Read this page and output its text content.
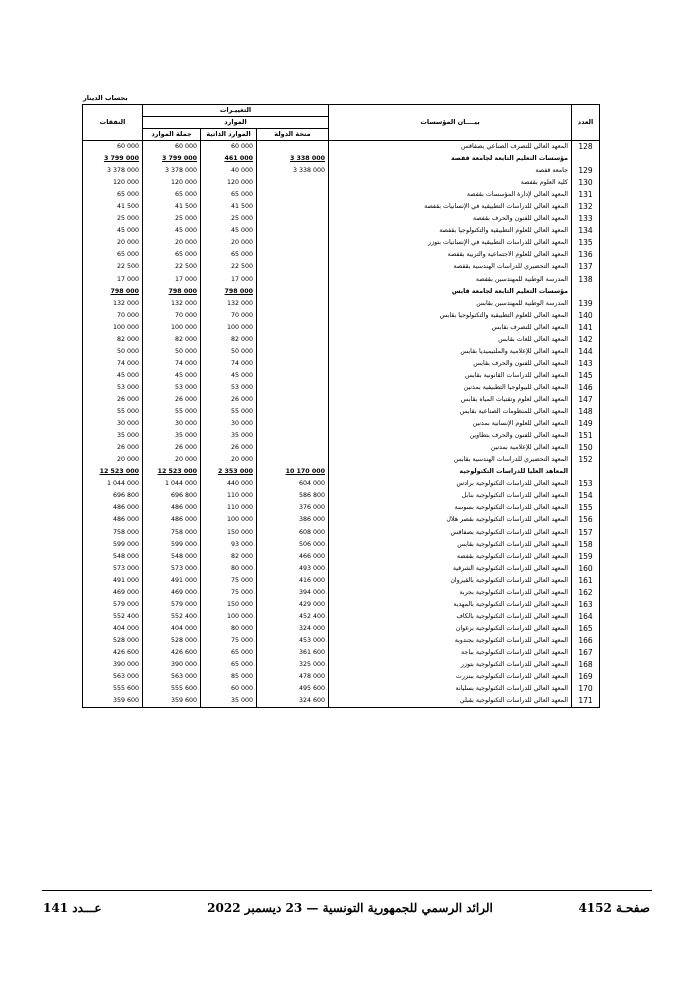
بحساب الدينار
النفقات	التغييـرات			بيــــان المؤسسات	العدد
	الموارد				
	جملة الموارد	الموارد الذاتية	منحة الدولة		
60 000	60 000	60 000		المعهد العالي للتصرف الصناعي بصفاقس	128
3 799 000	3 799 000	461 000	3 338 000	مؤسسات التعليم التابعة لجامعة قفصة	
3 378 000	3 378 000	40 000	3 338 000	جامعة قفصة	129
120 000	120 000	120 000		كلية العلوم بقفصة	130
65 000	65 000	65 000		المعهد العالي لإدارة المؤسسات بقفصة	131
41 500	41 500	41 500		المعهد العالي للدراسات التطبيقية في الإنسانيات بقفصة	132
25 000	25 000	25 000		المعهد العالي للفنون والحرف بقفصة	133
45 000	45 000	45 000		المعهد العالي للعلوم التطبيقية والتكنولوجيا بقفصة	134
20 000	20 000	20 000		المعهد العالي للدراسات التطبيقية في الإنسانيات بتوزر	135
65 000	65 000	65 000		المعهد العالي للعلوم الاجتماعية والتربية بقفصة	136
22 500	22 500	22 500		المعهد التحضيري للدراسات الهندسية بقفصة	137
17 000	17 000	17 000		المدرسة الوطنية للمهندسين بقفصة	138
798 000	798 000	798 000		مؤسسات التعليم التابعة لجامعة قابس	
132 000	132 000	132 000		المدرسة الوطنية للمهندسين بقابس	139
70 000	70 000	70 000		المعهد العالي للعلوم التطبيقية والتكنولوجيا بقابس	140
100 000	100 000	100 000		المعهد العالي للتصرف بقابس	141
82 000	82 000	82 000		المعهد العالي للغات بقابس	142
50 000	50 000	50 000		المعهد العالي للإعلامية والملتيميديا بقابس	144
74 000	74 000	74 000		المعهد العالي للفنون والحرف بقابس	143
45 000	45 000	45 000		المعهد العالي للدراسات القانونية بقابس	145
53 000	53 000	53 000		المعهد العالي للبيولوجيا التطبيقية بمدنين	146
26 000	26 000	26 000		المعهد العالي لعلوم وتقنيات المياه بقابس	147
55 000	55 000	55 000		المعهد العالي للمنظومات الصناعية بقابس	148
30 000	30 000	30 000		المعهد العالي للعلوم الإنسانية بمدنين	149
35 000	35 000	35 000		المعهد العالي للفنون والحرف بتطاوين	151
26 000	26 000	26 000		المعهد العالي للإعلامية بمدنين	150
20 000	20 000	20 000		المعهد التحضيري للدراسات الهندسية بقابس	152
12 523 000	12 523 000	2 353 000	10 170 000	المعاهد العليا للدراسات التكنولوجية	
1 044 000	1 044 000	440 000	604 000	المعهد العالي للدراسات التكنولوجية برادس	153
696 800	696 800	110 000	586 800	المعهد العالي للدراسات التكنولوجية بنابل	154
486 000	486 000	110 000	376 000	المعهد العالي للدراسات التكنولوجية بسوسة	155
486 000	486 000	100 000	386 000	المعهد العالي للدراسات التكنولوجية بقصر هلال	156
758 000	758 000	150 000	608 000	المعهد العالي للدراسات التكنولوجية بصفاقس	157
599 000	599 000	93 000	506 000	المعهد العالي للدراسات التكنولوجية بقابس	158
548 000	548 000	82 000	466 000	المعهد العالي للدراسات التكنولوجية بقفصة	159
573 000	573 000	80 000	493 000	المعهد العالي للدراسات التكنولوجية الشرقية	160
491 000	491 000	75 000	416 000	المعهد العالي للدراسات التكنولوجية بالقيروان	161
469 000	469 000	75 000	394 000	المعهد العالي للدراسات التكنولوجية بجربة	162
579 000	579 000	150 000	429 000	المعهد العالي للدراسات التكنولوجية بالمهدية	163
552 400	552 400	100 000	452 400	المعهد العالي للدراسات التكنولوجية بالكاف	164
404 000	404 000	80 000	324 000	المعهد العالي للدراسات التكنولوجية بزغوان	165
528 000	528 000	75 000	453 000	المعهد العالي للدراسات التكنولوجية بجندوبة	166
426 600	426 600	65 000	361 600	المعهد العالي للدراسات التكنولوجية بباجة	167
390 000	390 000	65 000	325 000	المعهد العالي للدراسات التكنولوجية بتوزر	168
563 000	563 000	85 000	478 000	المعهد العالي للدراسات التكنولوجية ببنزرت	169
555 600	555 600	60 000	495 600	المعهد العالي للدراسات التكنولوجية بسليانة	170
359 600	359 600	35 000	324 600	المعهد العالي للدراسات التكنولوجية بقبلي	171
صفحـة 4152
الرائد الرسمي للجمهورية التونسية — 23 ديسمبر 2022
عـــدد 141
